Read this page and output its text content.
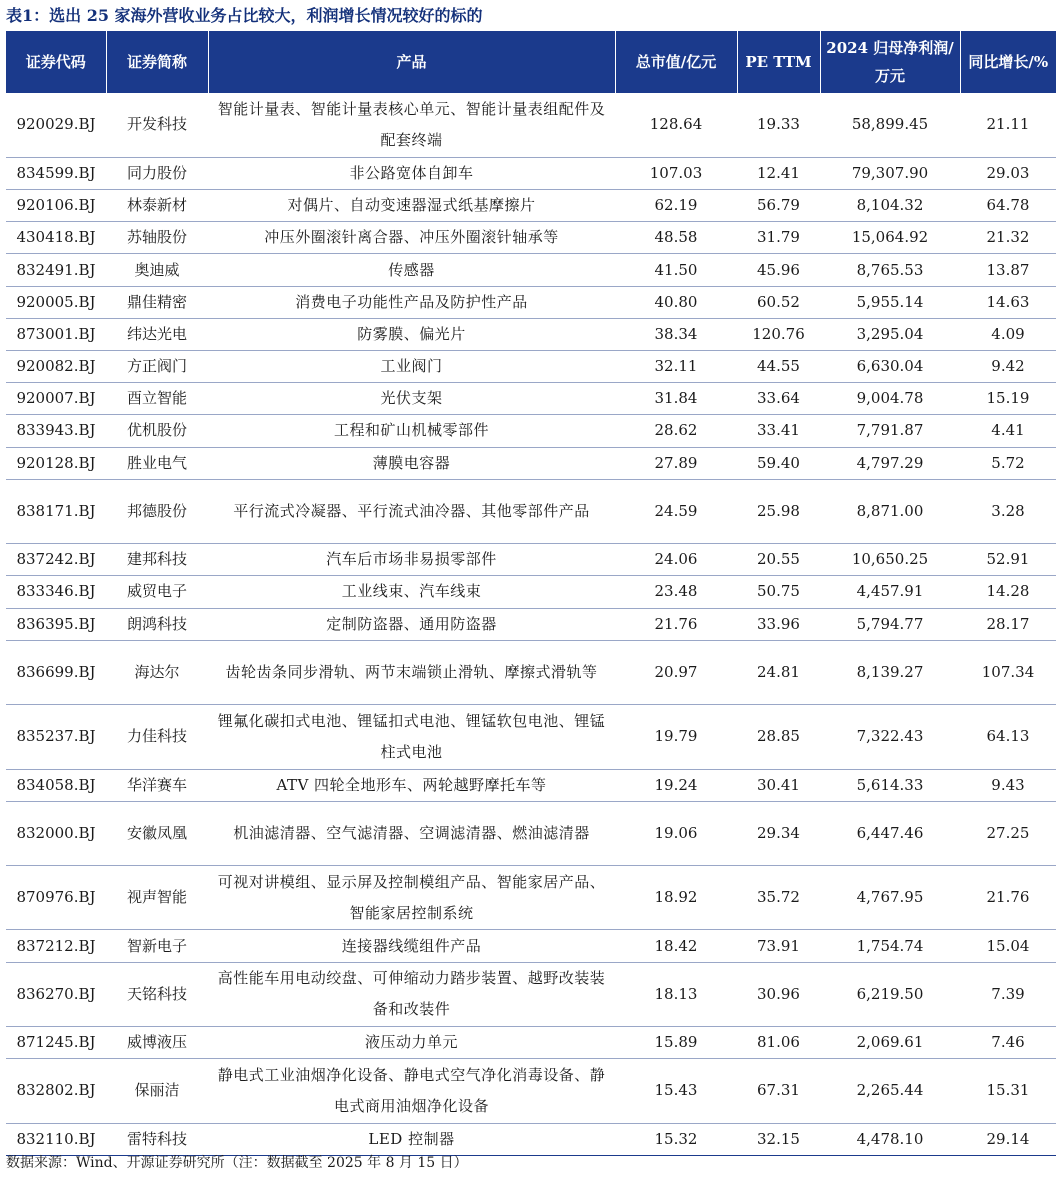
表1：选出 25 家海外营收业务占比较大，利润增长情况较好的标的
证券代码	证券简称	产品	总市值/亿元	PE TTM	2024 归母净利润/万元	同比增长/%
920029.BJ	开发科技	智能计量表、智能计量表核心单元、智能计量表组配件及配套终端	128.64	19.33	58,899.45	21.11
834599.BJ	同力股份	非公路宽体自卸车	107.03	12.41	79,307.90	29.03
920106.BJ	林泰新材	对偶片、自动变速器湿式纸基摩擦片	62.19	56.79	8,104.32	64.78
430418.BJ	苏轴股份	冲压外圈滚针离合器、冲压外圈滚针轴承等	48.58	31.79	15,064.92	21.32
832491.BJ	奥迪威	传感器	41.50	45.96	8,765.53	13.87
920005.BJ	鼎佳精密	消费电子功能性产品及防护性产品	40.80	60.52	5,955.14	14.63
873001.BJ	纬达光电	防雾膜、偏光片	38.34	120.76	3,295.04	4.09
920082.BJ	方正阀门	工业阀门	32.11	44.55	6,630.04	9.42
920007.BJ	酉立智能	光伏支架	31.84	33.64	9,004.78	15.19
833943.BJ	优机股份	工程和矿山机械零部件	28.62	33.41	7,791.87	4.41
920128.BJ	胜业电气	薄膜电容器	27.89	59.40	4,797.29	5.72
838171.BJ	邦德股份	平行流式冷凝器、平行流式油冷器、其他零部件产品	24.59	25.98	8,871.00	3.28
837242.BJ	建邦科技	汽车后市场非易损零部件	24.06	20.55	10,650.25	52.91
833346.BJ	威贸电子	工业线束、汽车线束	23.48	50.75	4,457.91	14.28
836395.BJ	朗鸿科技	定制防盗器、通用防盗器	21.76	33.96	5,794.77	28.17
836699.BJ	海达尔	齿轮齿条同步滑轨、两节末端锁止滑轨、摩擦式滑轨等	20.97	24.81	8,139.27	107.34
835237.BJ	力佳科技	锂氟化碳扣式电池、锂锰扣式电池、锂锰软包电池、锂锰柱式电池	19.79	28.85	7,322.43	64.13
834058.BJ	华洋赛车	ATV 四轮全地形车、两轮越野摩托车等	19.24	30.41	5,614.33	9.43
832000.BJ	安徽凤凰	机油滤清器、空气滤清器、空调滤清器、燃油滤清器	19.06	29.34	6,447.46	27.25
870976.BJ	视声智能	可视对讲模组、显示屏及控制模组产品、智能家居产品、智能家居控制系统	18.92	35.72	4,767.95	21.76
837212.BJ	智新电子	连接器线缆组件产品	18.42	73.91	1,754.74	15.04
836270.BJ	天铭科技	高性能车用电动绞盘、可伸缩动力踏步装置、越野改装装备和改装件	18.13	30.96	6,219.50	7.39
871245.BJ	威博液压	液压动力单元	15.89	81.06	2,069.61	7.46
832802.BJ	保丽洁	静电式工业油烟净化设备、静电式空气净化消毒设备、静电式商用油烟净化设备	15.43	67.31	2,265.44	15.31
832110.BJ	雷特科技	LED 控制器	15.32	32.15	4,478.10	29.14
数据来源：Wind、开源证券研究所（注：数据截至 2025 年 8 月 15 日）
